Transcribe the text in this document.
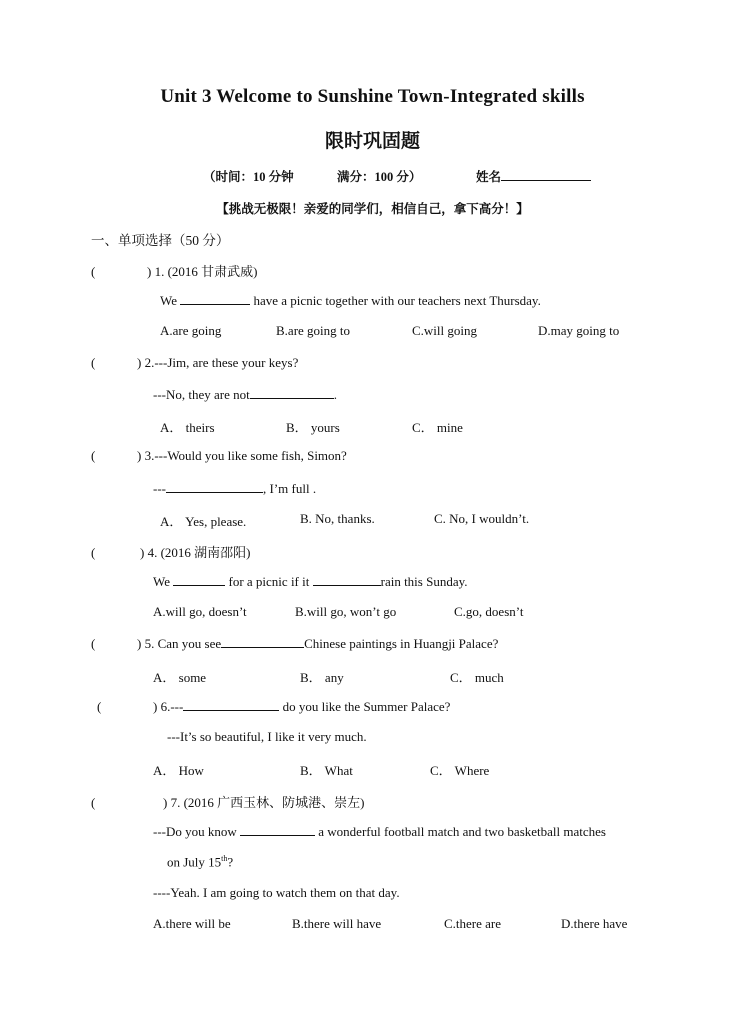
Unit 3 Welcome to Sunshine Town-Integrated skills
限时巩固题
（时间：10 分钟	满分：100 分）	姓名
【挑战无极限！亲爱的同学们，相信自己，拿下高分！】
一、单项选择（50 分）
(	) 1. (2016 甘肃武威)
We	have a picnic together with our teachers next Thursday.
A.are going	B.are going to	C.will going	D.may going to
(	) 2.---Jim, are these your keys?
---No, they are not	.
A． theirs	B． yours	C． mine
(	) 3.---Would you like some fish, Simon?
---	, I’m full .
A． Yes, please.	B. No, thanks.	C. No, I wouldn’t.
(	) 4. (2016 湖南邵阳)
We	for a picnic if it	rain this Sunday.
A.will go, doesn’t	B.will go, won’t go	C.go, doesn’t
(	) 5. Can you see	Chinese paintings in Huangji Palace?
A． some	B． any	C． much
(	) 6.---	do you like the Summer Palace?
---It’s so beautiful, I like it very much.
A． How	B． What	C． Where
(	) 7. (2016 广西玉林、防城港、崇左)
---Do you know	a wonderful football match and two basketball matches
on July 15th?
----Yeah. I am going to watch them on that day.
A.there will be	B.there will have	C.there are	D.there have
